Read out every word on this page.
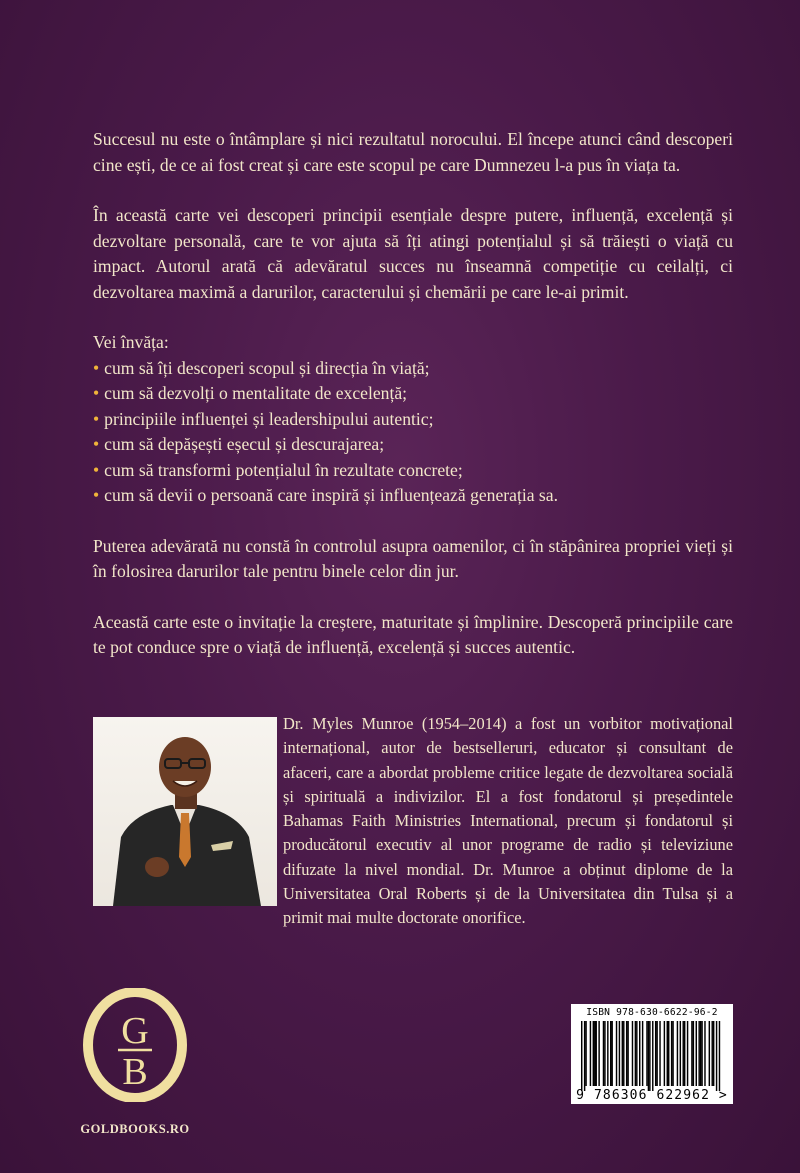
Succesul nu este o întâmplare și nici rezultatul norocului. El începe atunci când descoperi cine ești, de ce ai fost creat și care este scopul pe care Dumnezeu l-a pus în viața ta.

În această carte vei descoperi principii esențiale despre putere, influență, excelență și dezvoltare personală, care te vor ajuta să îți atingi potențialul și să trăiești o viață cu impact. Autorul arată că adevăratul succes nu înseamnă competiție cu ceilalți, ci dezvoltarea maximă a darurilor, caracterului și chemării pe care le-ai primit.

Vei învăța:
• cum să îți descoperi scopul și direcția în viață;
• cum să dezvolți o mentalitate de excelență;
• principiile influenței și leadershipului autentic;
• cum să depășești eșecul și descurajarea;
• cum să transformi potențialul în rezultate concrete;
• cum să devii o persoană care inspiră și influențează generația sa.

Puterea adevărată nu constă în controlul asupra oamenilor, ci în stăpânirea propriei vieți și în folosirea darurilor tale pentru binele celor din jur.

Această carte este o invitație la creștere, maturitate și împlinire. Descoperă principiile care te pot conduce spre o viață de influență, excelență și succes autentic.

Dr. Myles Munroe (1954–2014) a fost un vorbitor motivațional internațional, autor de bestselleruri, educator și consultant de afaceri, care a abordat probleme critice legate de dezvoltarea socială și spirituală a indivizilor. El a fost fondatorul și președintele Bahamas Faith Ministries International, precum și fondatorul și producătorul executiv al unor programe de radio și televiziune difuzate la nivel mondial. Dr. Munroe a obținut diplome de la Universitatea Oral Roberts și de la Universitatea din Tulsa și a primit mai multe doctorate onorifice.

G
B
GOLDBOOKS.RO
ISBN 978-630-6622-96-2
9 786306 622962 >
